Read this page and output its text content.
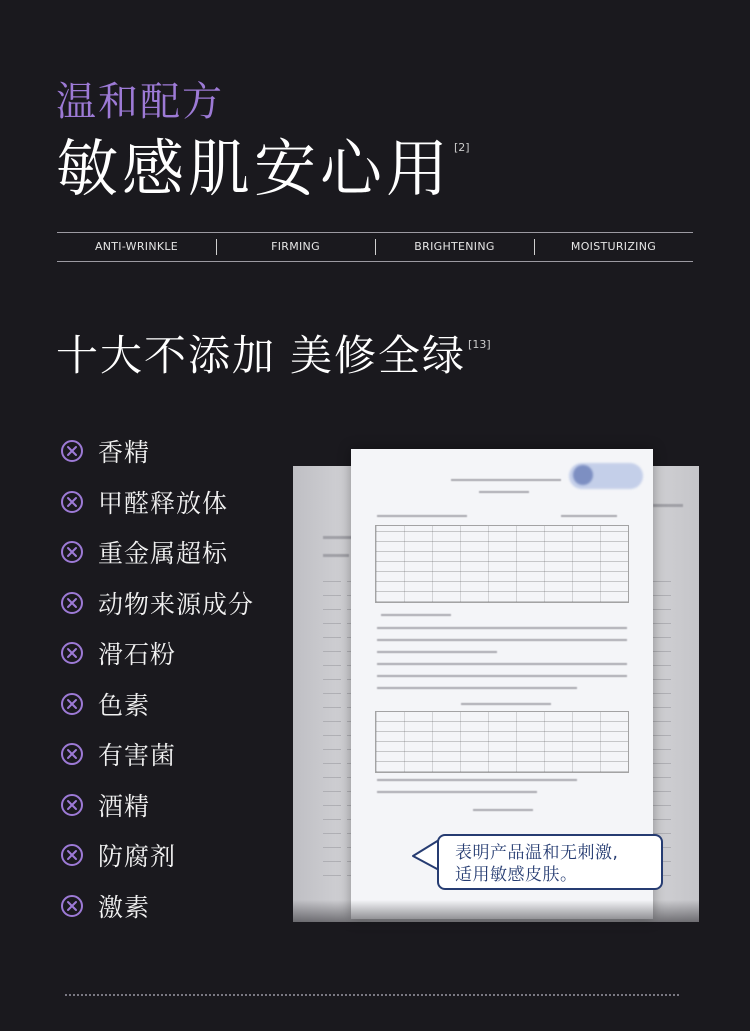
温和配方
敏感肌安心用 [2]
ANTI-WRINKLE	FIRMING	BRIGHTENING	MOISTURIZING
十大不添加 美修全绿 [13]
香精
甲醛释放体
重金属超标
动物来源成分
滑石粉
色素
有害菌
酒精
防腐剂
激素
表明产品温和无刺激,
适用敏感皮肤。
